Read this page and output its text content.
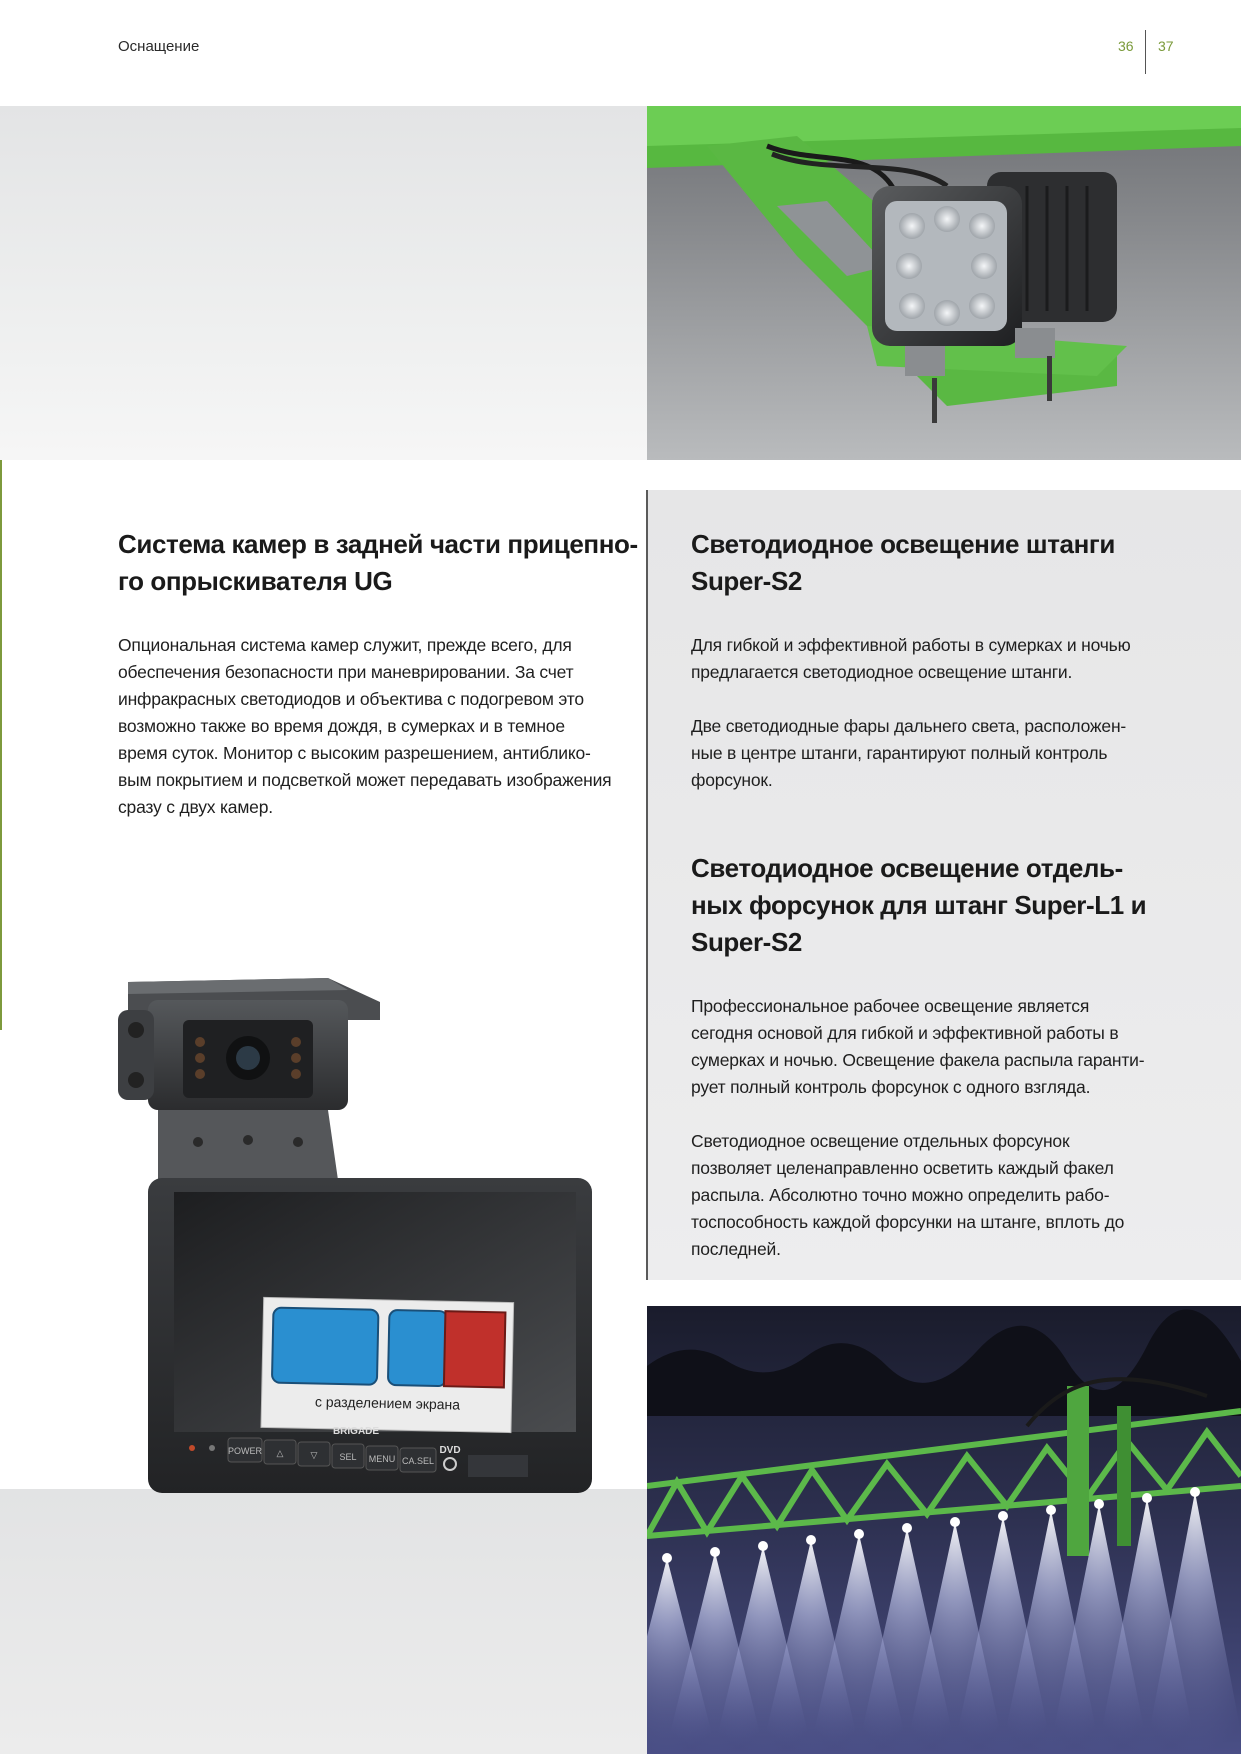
Оснащение	36 37
Система камер в задней части прицепно-
го опрыскивателя UG

Опциональная система камер служит, прежде всего, для
обеспечения безопасности при маневрировании. За счет
инфракрасных светодиодов и объектива с подогревом это
возможно также во время дождя, в сумерках и в темное
время суток. Монитор с высоким разрешением, антиблико-
вым покрытием и подсветкой может передавать изображения
сразу с двух камер.

с разделением экрана
BRIGADE
POWER △	▽ SEL MENU CA.SEL
DVD
Светодиодное освещение штанги
Super-S2

Для гибкой и эффективной работы в сумерках и ночью
предлагается светодиодное освещение штанги.

Две светодиодные фары дальнего света, расположен-
ные в центре штанги, гарантируют полный контроль
форсунок.

Светодиодное освещение отдель-
ных форсунок для штанг Super-L1 и
Super-S2

Профессиональное рабочее освещение является
сегодня основой для гибкой и эффективной работы в
сумерках и ночью. Освещение факела распыла гаранти-
рует полный контроль форсунок с одного взгляда.

Светодиодное освещение отдельных форсунок
позволяет целенаправленно осветить каждый факел
распыла. Абсолютно точно можно определить рабо-
тоспособность каждой форсунки на штанге, вплоть до
последней.
